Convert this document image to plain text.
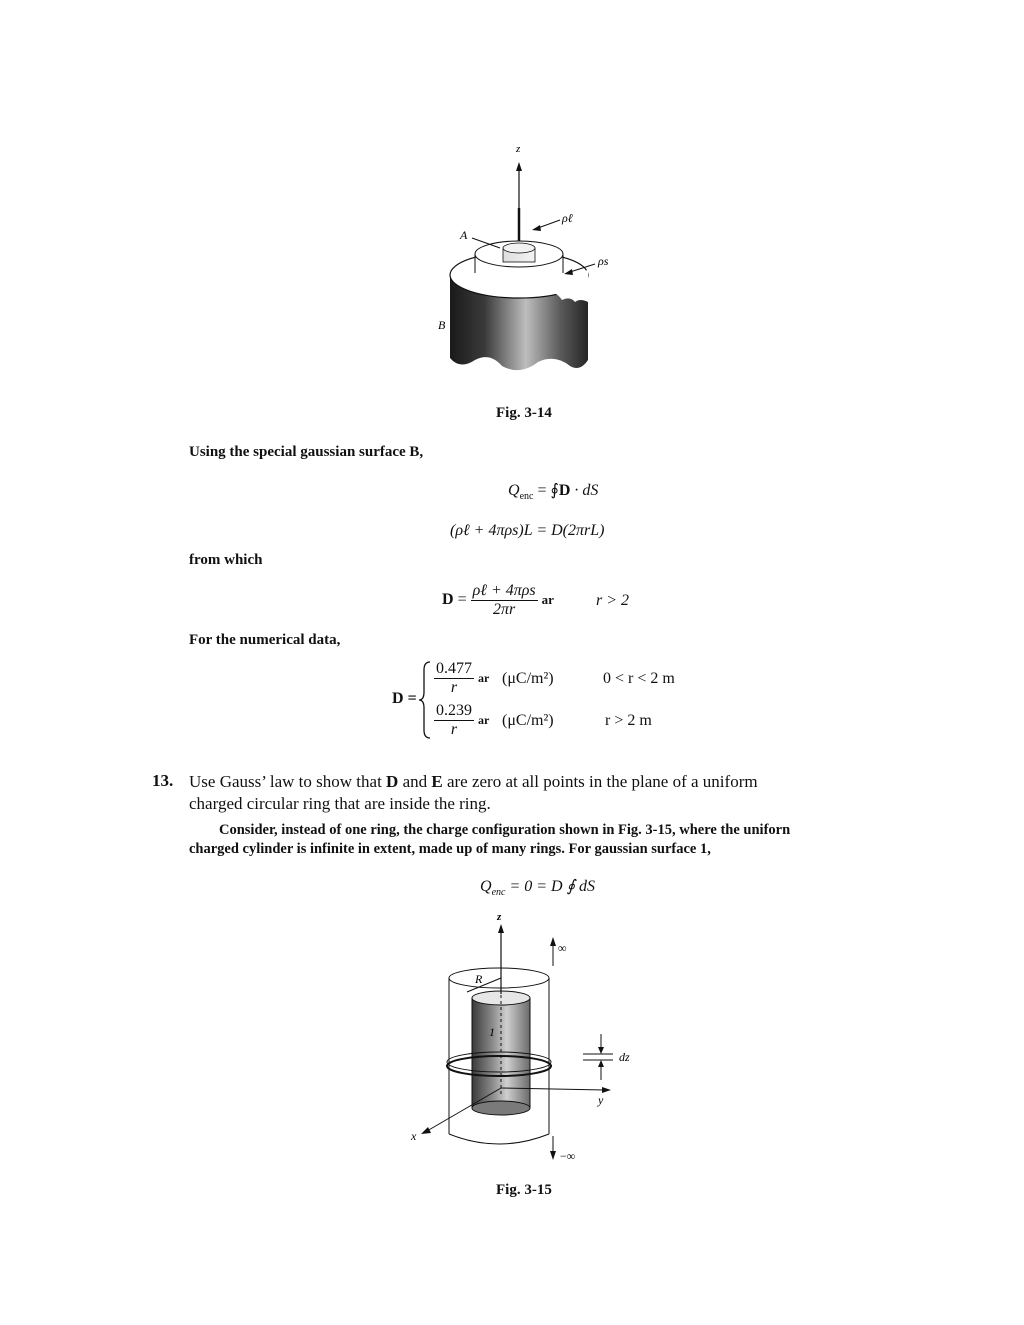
z
ρℓ
A
ρs
B
Fig. 3-14
Using the special gaussian surface B,
$Q_{enc}$ = ∮D · dS
(ρℓ + 4πρs)L = D(2πrL)
from which
$D = \frac{\text{ρℓ + 4πρs}}{2\pi r}$ ar	r > 2
For the numerical data,
D =
$\frac{0.477}{r}$ ar (μC/m²)	0 < r < 2 m
$\frac{0.239}{r}$ ar (μC/m²)	r > 2 m
13. Use Gauss’ law to show that D and E are zero at all points in the plane of a uniform
charged circular ring that are inside the ring.
Consider, instead of one ring, the charge configuration shown in Fig. 3-15, where the uniforn
charged cylinder is infinite in extent, made up of many rings. For gaussian surface 1,
$Q_{enc} = 0 = D$ ∮ dS
z
∞
R
1
dz
y
x
−∞
Fig. 3-15
